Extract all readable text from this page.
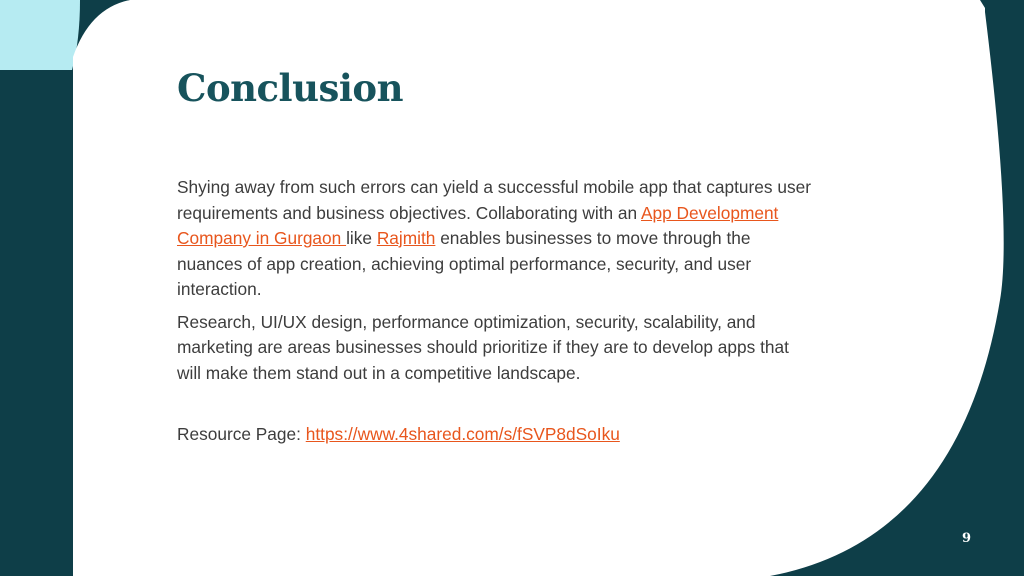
Conclusion

Shying away from such errors can yield a successful mobile app that captures user requirements and business objectives. Collaborating with an App Development Company in Gurgaon like Rajmith enables businesses to move through the nuances of app creation, achieving optimal performance, security, and user interaction.

Research, UI/UX design, performance optimization, security, scalability, and marketing are areas businesses should prioritize if they are to develop apps that will make them stand out in a competitive landscape.

Resource Page: https://www.4shared.com/s/fSVP8dSoIku
9
